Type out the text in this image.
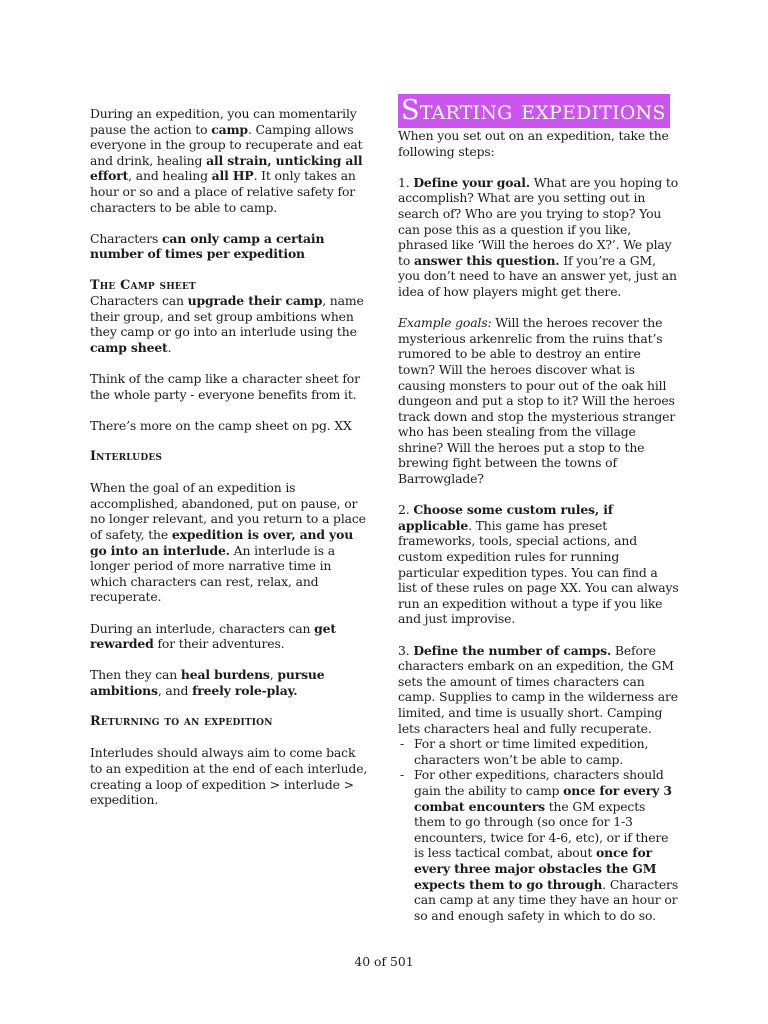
During an expedition, you can momentarily pause the action to camp. Camping allows everyone in the group to recuperate and eat and drink, healing all strain, unticking all effort, and healing all HP. It only takes an hour or so and a place of relative safety for characters to be able to camp.

Characters can only camp a certain number of times per expedition

The Camp sheet

Characters can upgrade their camp, name their group, and set group ambitions when they camp or go into an interlude using the camp sheet.

Think of the camp like a character sheet for the whole party - everyone benefits from it.

There’s more on the camp sheet on pg. XX

Interludes

When the goal of an expedition is accomplished, abandoned, put on pause, or no longer relevant, and you return to a place of safety, the expedition is over, and you go into an interlude. An interlude is a longer period of more narrative time in which characters can rest, relax, and recuperate.

During an interlude, characters can get rewarded for their adventures.

Then they can heal burdens, pursue ambitions, and freely role-play.

Returning to an expedition

Interludes should always aim to come back to an expedition at the end of each interlude, creating a loop of expedition > interlude > expedition.

Starting expeditions

When you set out on an expedition, take the following steps:

1. Define your goal. What are you hoping to accomplish? What are you setting out in search of? Who are you trying to stop? You can pose this as a question if you like, phrased like ‘Will the heroes do X?’. We play to answer this question. If you’re a GM, you don’t need to have an answer yet, just an idea of how players might get there.

Example goals: Will the heroes recover the mysterious arkenrelic from the ruins that’s rumored to be able to destroy an entire town? Will the heroes discover what is causing monsters to pour out of the oak hill dungeon and put a stop to it? Will the heroes track down and stop the mysterious stranger who has been stealing from the village shrine? Will the heroes put a stop to the brewing fight between the towns of Barrowglade?

2. Choose some custom rules, if applicable. This game has preset frameworks, tools, special actions, and custom expedition rules for running particular expedition types. You can find a list of these rules on page XX. You can always run an expedition without a type if you like and just improvise.

3. Define the number of camps. Before characters embark on an expedition, the GM sets the amount of times characters can camp. Supplies to camp in the wilderness are limited, and time is usually short. Camping lets characters heal and fully recuperate.

- For a short or time limited expedition, characters won’t be able to camp.
- For other expeditions, characters should gain the ability to camp once for every 3 combat encounters the GM expects them to go through (so once for 1-3 encounters, twice for 4-6, etc), or if there is less tactical combat, about once for every three major obstacles the GM expects them to go through. Characters can camp at any time they have an hour or so and enough safety in which to do so.
40 of 501
